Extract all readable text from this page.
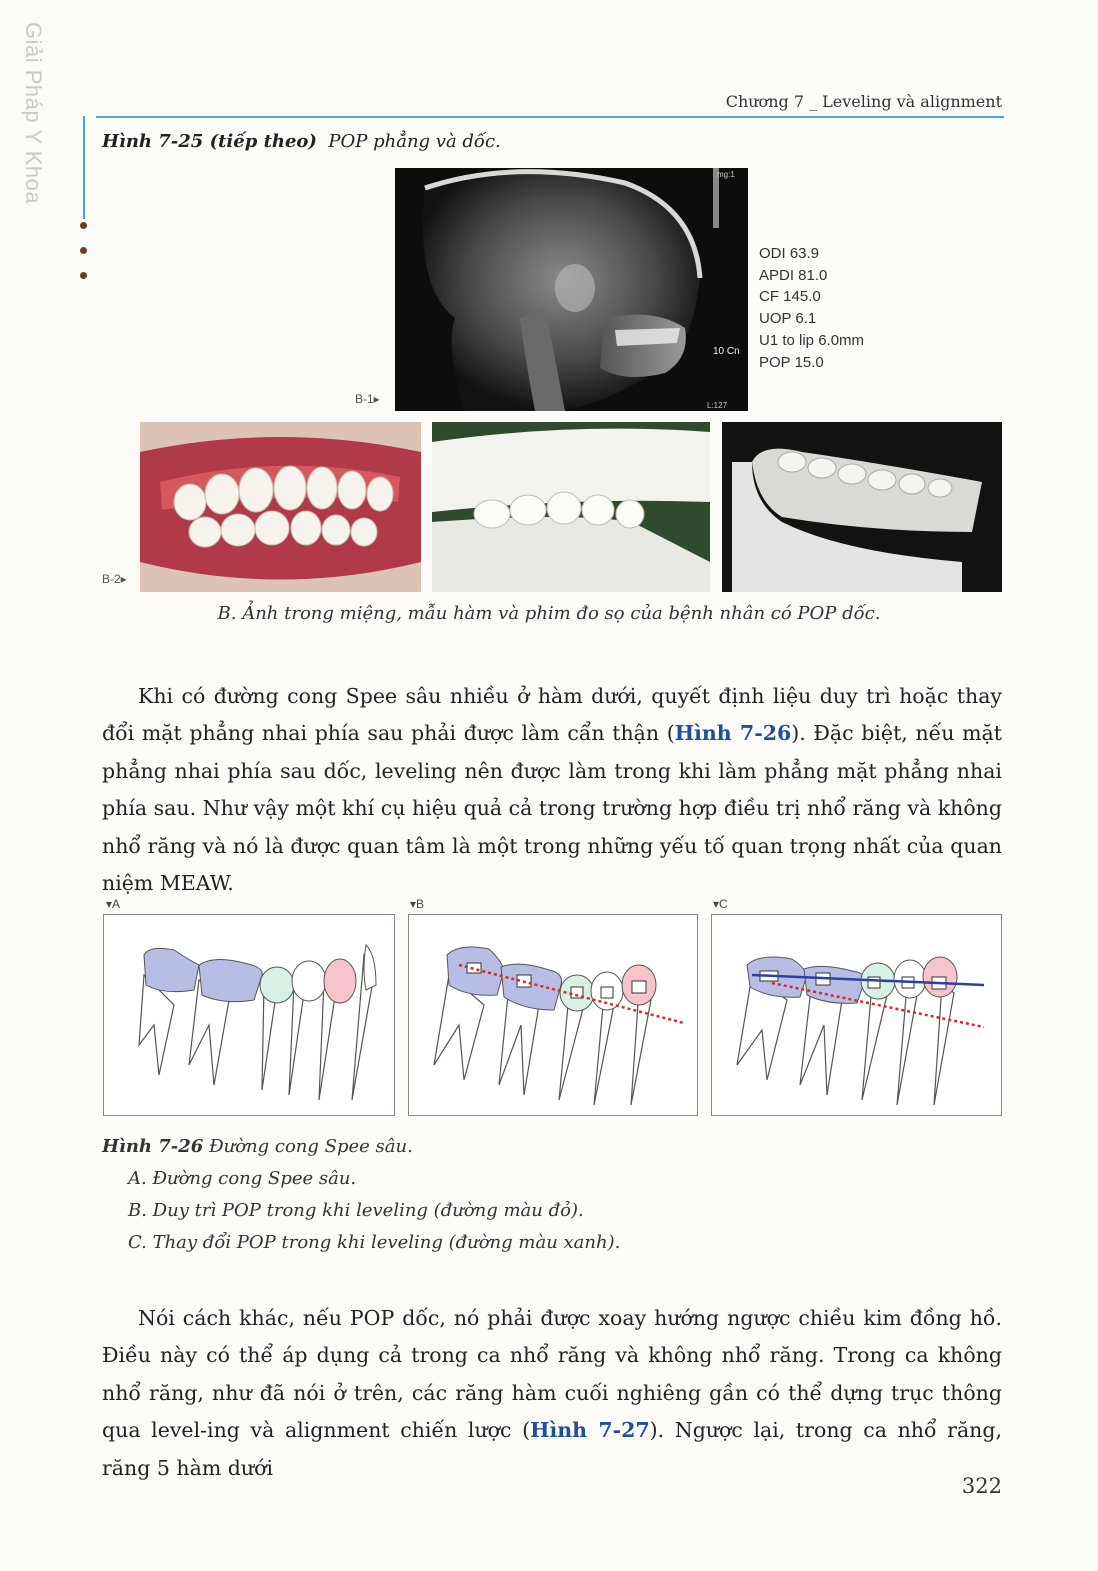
Giải Pháp Y Khoa	Chương 7 _ Leveling và alignment
Hình 7-25 (tiếp theo) POP phẳng và dốc.
mg:1
10 Cn
L:127
ODI 63.9
APDI 81.0
CF 145.0
UOP 6.1
U1 to lip 6.0mm
POP 15.0
B-1▸
B-2▸
B. Ảnh trong miệng, mẫu hàm và phim đo sọ của bệnh nhân có POP dốc.

Khi có đường cong Spee sâu nhiều ở hàm dưới, quyết định liệu duy trì hoặc thay đổi mặt phẳng nhai phía sau phải được làm cẩn thận (Hình 7-26). Đặc biệt, nếu mặt phẳng nhai phía sau dốc, leveling nên được làm trong khi làm phẳng mặt phẳng nhai phía sau. Như vậy một khí cụ hiệu quả cả trong trường hợp điều trị nhổ răng và không nhổ răng và nó là được quan tâm là một trong những yếu tố quan trọng nhất của quan niệm MEAW.

▾A	▾B	▾C
Hình 7-26 Đường cong Spee sâu.
A. Đường cong Spee sâu.
B. Duy trì POP trong khi leveling (đường màu đỏ).
C. Thay đổi POP trong khi leveling (đường màu xanh).

Nói cách khác, nếu POP dốc, nó phải được xoay hướng ngược chiều kim đồng hồ. Điều này có thể áp dụng cả trong ca nhổ răng và không nhổ răng. Trong ca không nhổ răng, như đã nói ở trên, các răng hàm cuối nghiêng gần có thể dựng trục thông qua level-ing và alignment chiến lược (Hình 7-27). Ngược lại, trong ca nhổ răng, răng 5 hàm dưới

322
